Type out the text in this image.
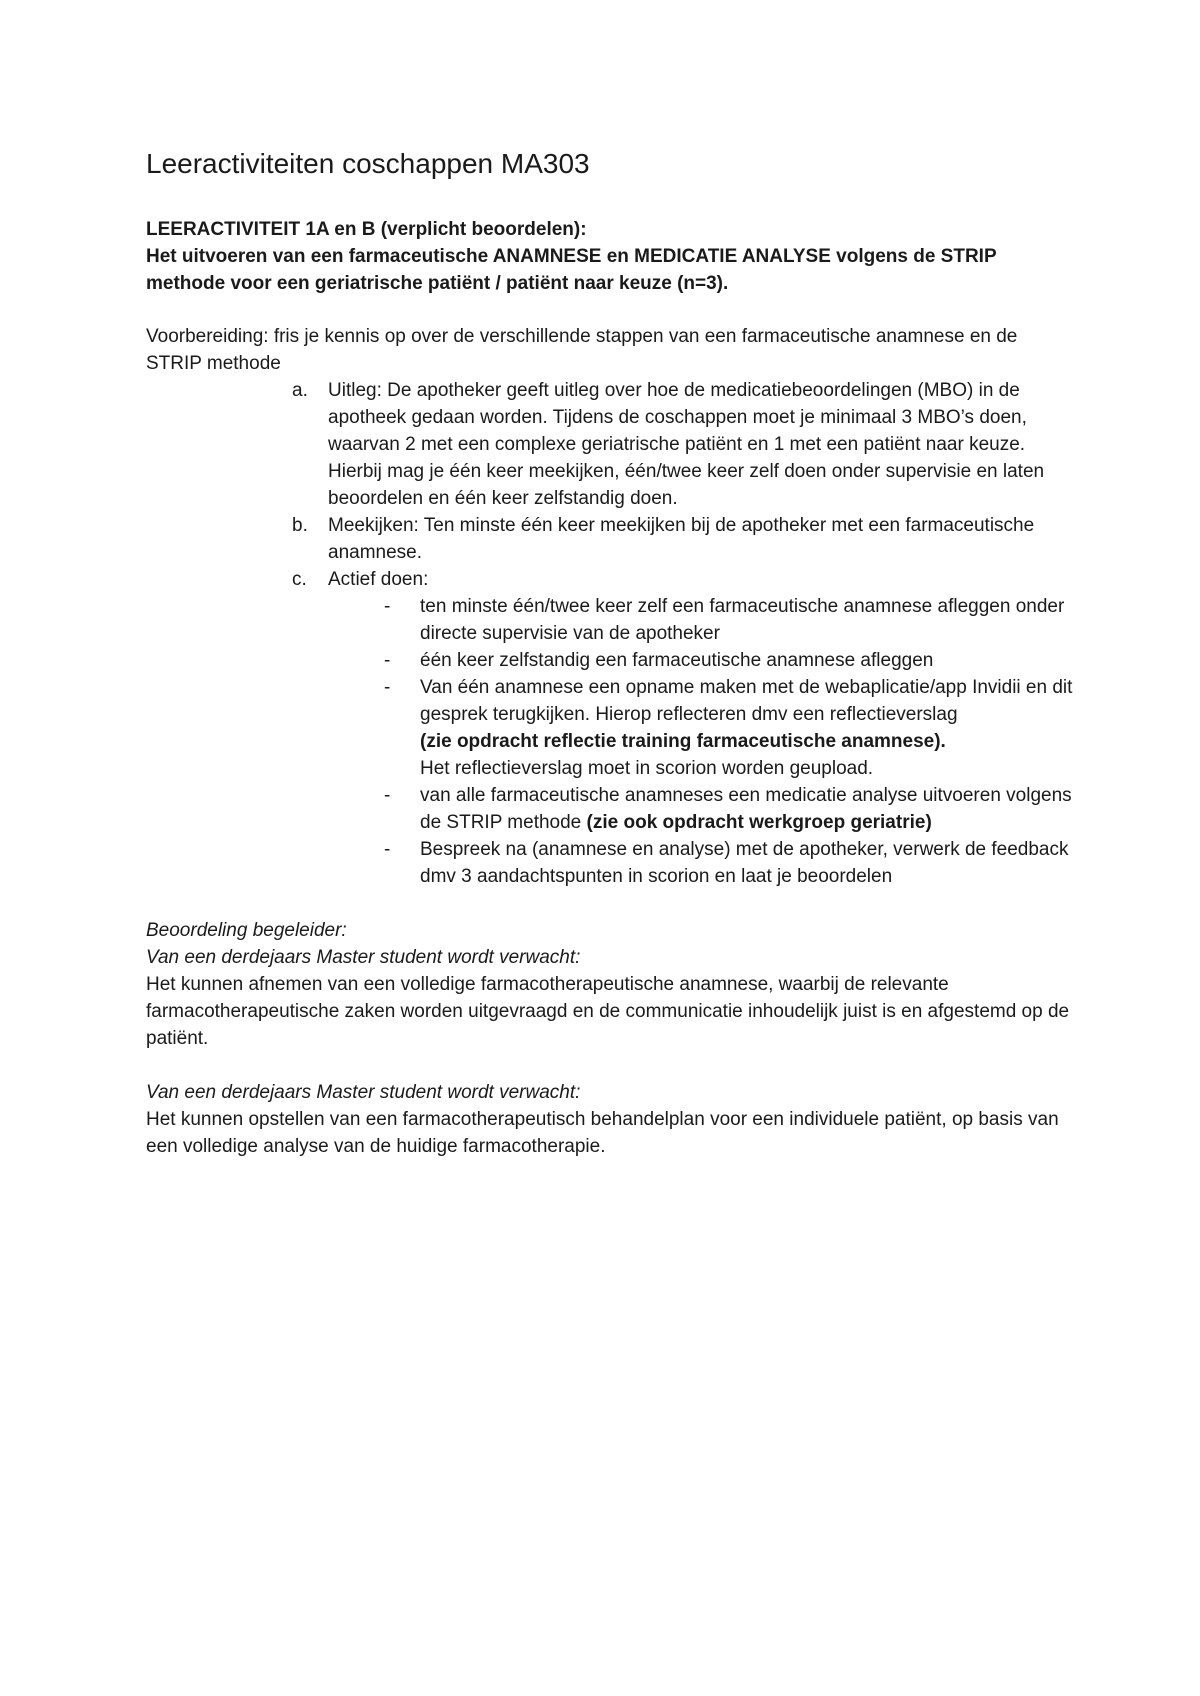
Leeractiviteiten coschappen MA303

LEERACTIVITEIT 1A en B (verplicht beoordelen):

Het uitvoeren van een farmaceutische ANAMNESE en MEDICATIE ANALYSE volgens de STRIP methode voor een geriatrische patiënt / patiënt naar keuze (n=3).

Voorbereiding: fris je kennis op over de verschillende stappen van een farmaceutische anamnese en de STRIP methode

a. Uitleg: De apotheker geeft uitleg over hoe de medicatiebeoordelingen (MBO) in de apotheek gedaan worden. Tijdens de coschappen moet je minimaal 3 MBO’s doen, waarvan 2 met een complexe geriatrische patiënt en 1 met een patiënt naar keuze. Hierbij mag je één keer meekijken, één/twee keer zelf doen onder supervisie en laten beoordelen en één keer zelfstandig doen.
b. Meekijken: Ten minste één keer meekijken bij de apotheker met een farmaceutische anamnese.
c. Actief doen:
- ten minste één/twee keer zelf een farmaceutische anamnese afleggen onder directe supervisie van de apotheker
- één keer zelfstandig een farmaceutische anamnese afleggen
- Van één anamnese een opname maken met de webaplicatie/app Invidii en dit gesprek terugkijken. Hierop reflecteren dmv een reflectieverslag
(zie opdracht reflectie training farmaceutische anamnese).
Het reflectieverslag moet in scorion worden geupload.
- van alle farmaceutische anamneses een medicatie analyse uitvoeren volgens de STRIP methode (zie ook opdracht werkgroep geriatrie)
- Bespreek na (anamnese en analyse) met de apotheker, verwerk de feedback dmv 3 aandachtspunten in scorion en laat je beoordelen

Beoordeling begeleider:

Van een derdejaars Master student wordt verwacht:

Het kunnen afnemen van een volledige farmacotherapeutische anamnese, waarbij de relevante farmacotherapeutische zaken worden uitgevraagd en de communicatie inhoudelijk juist is en afgestemd op de patiënt.

Van een derdejaars Master student wordt verwacht:

Het kunnen opstellen van een farmacotherapeutisch behandelplan voor een individuele patiënt, op basis van een volledige analyse van de huidige farmacotherapie.
